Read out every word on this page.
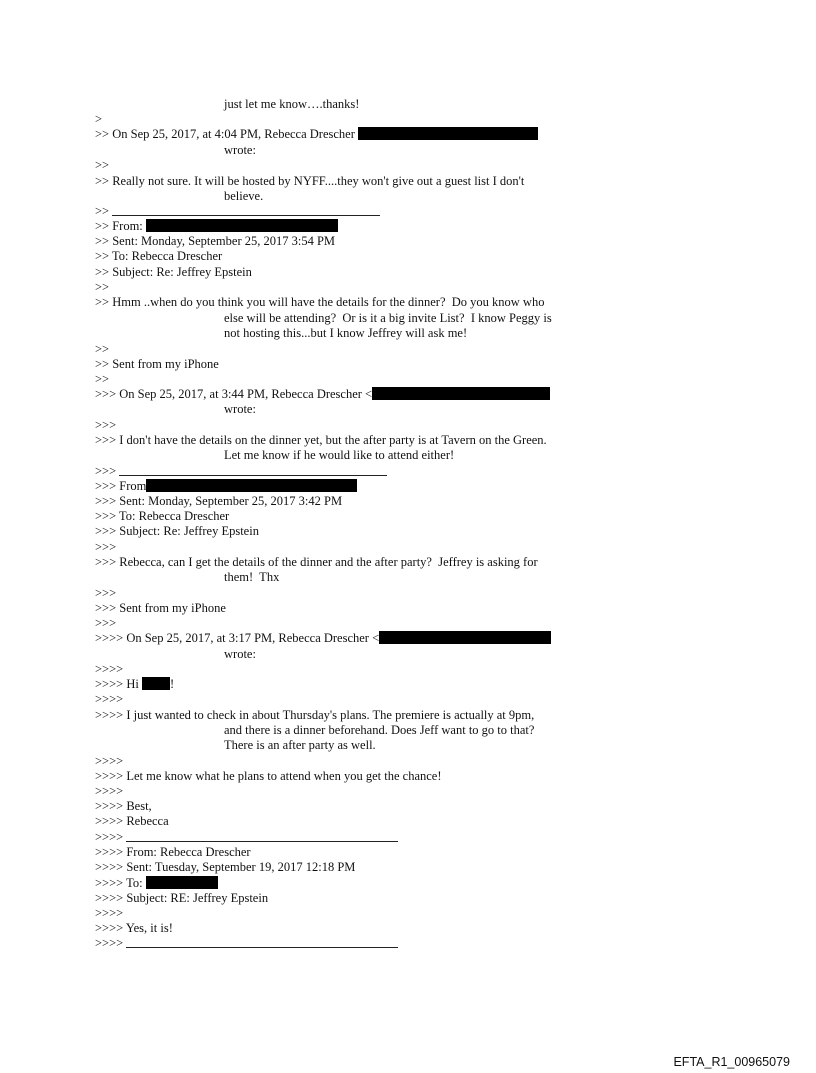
just let me know….thanks!
>
>> On Sep 25, 2017, at 4:04 PM, Rebecca Drescher
wrote:
>>
>> Really not sure. It will be hosted by NYFF....they won't give out a guest list I don't
believe.
>>
>> From:
>> Sent: Monday, September 25, 2017 3:54 PM
>> To: Rebecca Drescher
>> Subject: Re: Jeffrey Epstein
>>
>> Hmm ..when do you think you will have the details for the dinner?  Do you know who
else will be attending?  Or is it a big invite List?  I know Peggy is
not hosting this...but I know Jeffrey will ask me!
>>
>> Sent from my iPhone
>>
>>> On Sep 25, 2017, at 3:44 PM, Rebecca Drescher <
wrote:
>>>
>>> I don't have the details on the dinner yet, but the after party is at Tavern on the Green.
Let me know if he would like to attend either!
>>>
>>> From
>>> Sent: Monday, September 25, 2017 3:42 PM
>>> To: Rebecca Drescher
>>> Subject: Re: Jeffrey Epstein
>>>
>>> Rebecca, can I get the details of the dinner and the after party?  Jeffrey is asking for
them!  Thx
>>>
>>> Sent from my iPhone
>>>
>>>> On Sep 25, 2017, at 3:17 PM, Rebecca Drescher <
wrote:
>>>>
>>>> Hi !
>>>>
>>>> I just wanted to check in about Thursday's plans. The premiere is actually at 9pm,
and there is a dinner beforehand. Does Jeff want to go to that?
There is an after party as well.
>>>>
>>>> Let me know what he plans to attend when you get the chance!
>>>>
>>>> Best,
>>>> Rebecca
>>>>
>>>> From: Rebecca Drescher
>>>> Sent: Tuesday, September 19, 2017 12:18 PM
>>>> To:
>>>> Subject: RE: Jeffrey Epstein
>>>>
>>>> Yes, it is!
>>>>
EFTA_R1_00965079
